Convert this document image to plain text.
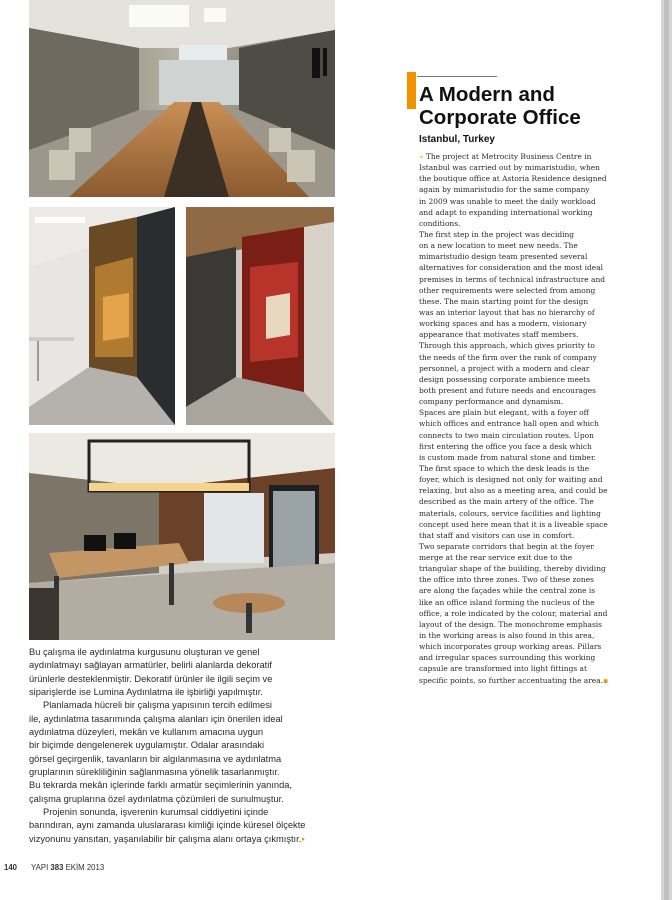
A Modern and
Corporate Office
Istanbul, Turkey
» The project at Metrocity Business Centre in
Istanbul was carried out by mimaristudio, when
the boutique office at Astoria Residence designed
again by mimaristudio for the same company
in 2009 was unable to meet the daily workload
and adapt to expanding international working
conditions.
The first step in the project was deciding
on a new location to meet new needs. The
mimaristudio design team presented several
alternatives for consideration and the most ideal
premises in terms of technical infrastructure and
other requirements were selected from among
these. The main starting point for the design
was an interior layout that has no hierarchy of
working spaces and has a modern, visionary
appearance that motivates staff members.
Through this approach, which gives priority to
the needs of the firm over the rank of company
personnel, a project with a modern and clear
design possessing corporate ambience meets
both present and future needs and encourages
company performance and dynamism.
Spaces are plain but elegant, with a foyer off
which offices and entrance hall open and which
connects to two main circulation routes. Upon
first entering the office you face a desk which
is custom made from natural stone and timber.
The first space to which the desk leads is the
foyer, which is designed not only for waiting and
relaxing, but also as a meeting area, and could be
described as the main artery of the office. The
materials, colours, service facilities and lighting
concept used here mean that it is a liveable space
that staff and visitors can use in comfort.
Two separate corridors that begin at the foyer
merge at the rear service exit due to the
triangular shape of the building, thereby dividing
the office into three zones. Two of these zones
are along the façades while the central zone is
like an office island forming the nucleus of the
office, a role indicated by the colour, material and
layout of the design. The monochrome emphasis
in the working areas is also found in this area,
which incorporates group working areas. Pillars
and irregular spaces surrounding this working
capsule are transformed into light fittings at
specific points, so further accentuating the area.▪
Bu çalışma ile aydınlatma kurgusunu oluşturan ve genel
aydınlatmayı sağlayan armatürler, belirli alanlarda dekoratif
ürünlerle desteklenmiştir. Dekoratif ürünler ile ilgili seçim ve
siparişlerde ise Lumina Aydınlatma ile işbirliği yapılmıştır.
Planlamada hücreli bir çalışma yapısının tercih edilmesi
ile, aydınlatma tasarımında çalışma alanları için önerilen ideal
aydınlatma düzeyleri, mekân ve kullanım amacına uygun
bir biçimde dengelenerek uygulamıştır. Odalar arasındaki
görsel geçirgenlik, tavanların bir algılanmasına ve aydınlatma
gruplarının sürekliliğinin sağlanmasına yönelik tasarlanmıştır.
Bu tekrarda mekân içlerinde farklı armatür seçimlerinin yanında,
çalışma gruplarına özel aydınlatma çözümleri de sunulmuştur.
Projenin sonunda, işverenin kurumsal ciddiyetini içinde
barındıran, aynı zamanda uluslararası kimliği içinde küresel ölçekte
vizyonunu yansıtan, yaşanılabilir bir çalışma alanı ortaya çıkmıştır.▪
140 YAPI 383 EKİM 2013
